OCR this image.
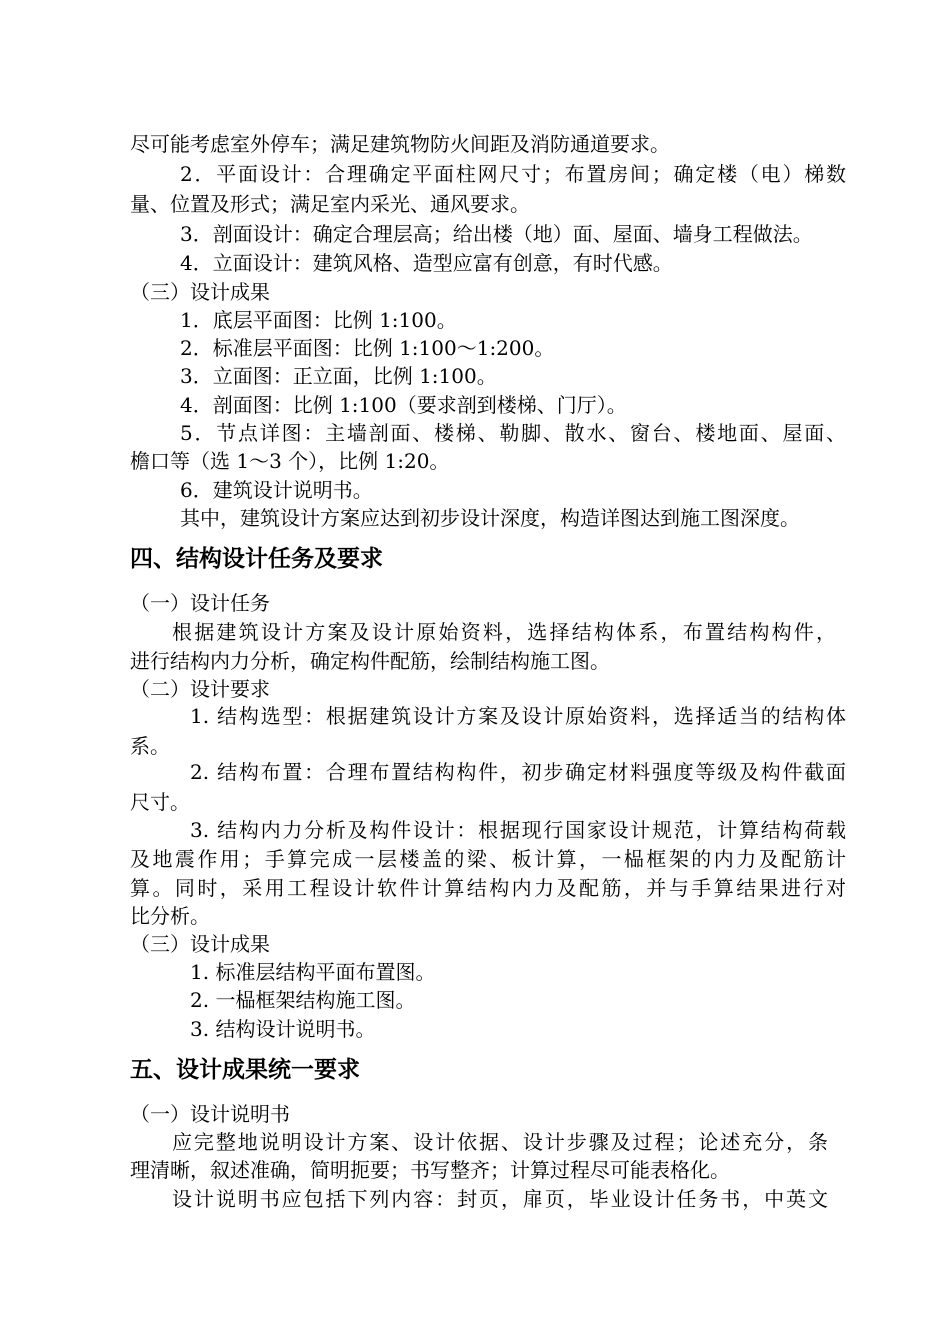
尽可能考虑室外停车；满足建筑物防火间距及消防通道要求。
2．平面设计：合理确定平面柱网尺寸；布置房间；确定楼（电）梯数
量、位置及形式；满足室内采光、通风要求。
3．剖面设计：确定合理层高；给出楼（地）面、屋面、墙身工程做法。
4．立面设计：建筑风格、造型应富有创意，有时代感。
（三）设计成果
1．底层平面图：比例 1:100。
2．标准层平面图：比例 1:100～1:200。
3．立面图：正立面，比例 1:100。
4．剖面图：比例 1:100（要求剖到楼梯、门厅）。
5．节点详图：主墙剖面、楼梯、勒脚、散水、窗台、楼地面、屋面、
檐口等（选 1～3 个），比例 1:20。
6．建筑设计说明书。
其中，建筑设计方案应达到初步设计深度，构造详图达到施工图深度。
四、结构设计任务及要求
（一）设计任务
根据建筑设计方案及设计原始资料，选择结构体系，布置结构构件，
进行结构内力分析，确定构件配筋，绘制结构施工图。
（二）设计要求
1. 结构选型：根据建筑设计方案及设计原始资料，选择适当的结构体
系。
2. 结构布置：合理布置结构构件，初步确定材料强度等级及构件截面
尺寸。
3. 结构内力分析及构件设计：根据现行国家设计规范，计算结构荷载
及地震作用；手算完成一层楼盖的梁、板计算，一榀框架的内力及配筋计
算。同时，采用工程设计软件计算结构内力及配筋，并与手算结果进行对
比分析。
（三）设计成果
1. 标准层结构平面布置图。
2. 一榀框架结构施工图。
3. 结构设计说明书。
五、设计成果统一要求
（一）设计说明书
应完整地说明设计方案、设计依据、设计步骤及过程；论述充分，条
理清晰，叙述准确，简明扼要；书写整齐；计算过程尽可能表格化。
设计说明书应包括下列内容：封页，扉页，毕业设计任务书，中英文
